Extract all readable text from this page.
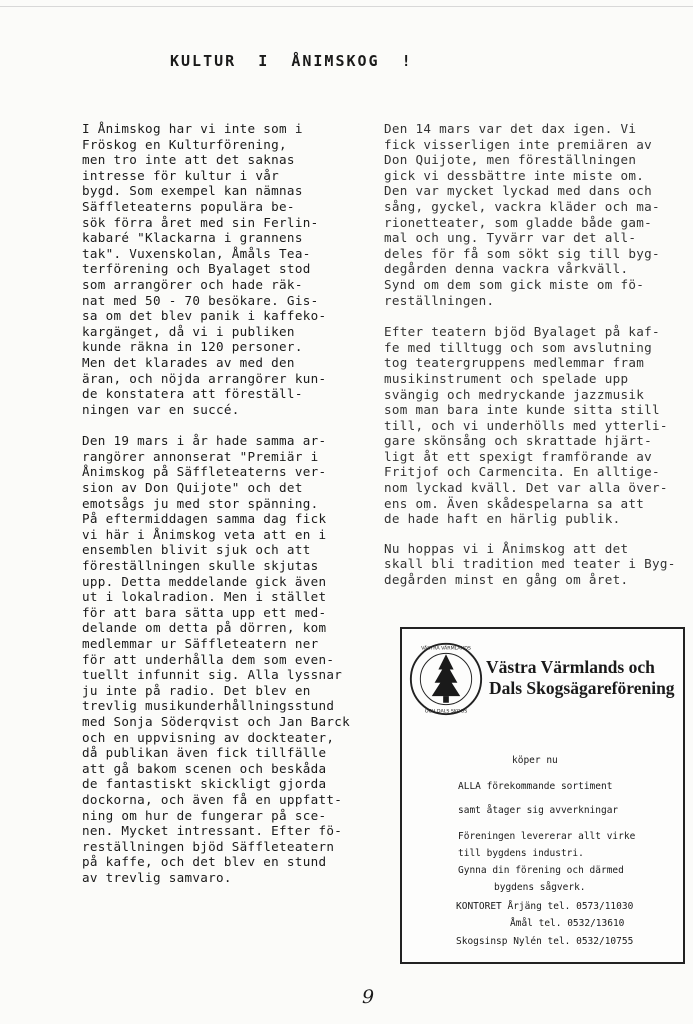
KULTUR  I  ÅNIMSKOG  !

I Ånimskog har vi inte som i
Fröskog en Kulturförening,
men tro inte att det saknas
intresse för kultur i vår
bygd. Som exempel kan nämnas
Säffleteaterns populära be-
sök förra året med sin Ferlin-
kabaré "Klackarna i grannens
tak". Vuxenskolan, Åmåls Tea-
terförening och Byalaget stod
som arrangörer och hade räk-
nat med 50 - 70 besökare. Gis-
sa om det blev panik i kaffeko-
kargänget, då vi i publiken
kunde räkna in 120 personer.
Men det klarades av med den
äran, och nöjda arrangörer kun-
de konstatera att föreställ-
ningen var en succé.

Den 19 mars i år hade samma ar-
rangörer annonserat "Premiär i
Ånimskog på Säffleteaterns ver-
sion av Don Quijote" och det
emotsågs ju med stor spänning.
På eftermiddagen samma dag fick
vi här i Ånimskog veta att en i
ensemblen blivit sjuk och att
föreställningen skulle skjutas
upp. Detta meddelande gick även
ut i lokalradion. Men i stället
för att bara sätta upp ett med-
delande om detta på dörren, kom
medlemmar ur Säffleteatern ner
för att underhålla dem som even-
tuellt infunnit sig. Alla lyssnar
ju inte på radio. Det blev en
trevlig musikunderhållningsstund
med Sonja Söderqvist och Jan Barck
och en uppvisning av dockteater,
då publikan även fick tillfälle
att gå bakom scenen och beskåda
de fantastiskt skickligt gjorda
dockorna, och även få en uppfatt-
ning om hur de fungerar på sce-
nen. Mycket intressant. Efter fö-
reställningen bjöd Säffleteatern
på kaffe, och det blev en stund
av trevlig samvaro.

Den 14 mars var det dax igen. Vi
fick visserligen inte premiären av
Don Quijote, men föreställningen
gick vi dessbättre inte miste om.
Den var mycket lyckad med dans och
sång, gyckel, vackra kläder och ma-
rionetteater, som gladde både gam-
mal och ung. Tyvärr var det all-
deles för få som sökt sig till byg-
degården denna vackra vårkväll.
Synd om dem som gick miste om fö-
reställningen.

Efter teatern bjöd Byalaget på kaf-
fe med tilltugg och som avslutning
tog teatergruppens medlemmar fram
musikinstrument och spelade upp
svängig och medryckande jazzmusik
som man bara inte kunde sitta still
till, och vi underhölls med ytterli-
gare skönsång och skrattade hjärt-
ligt åt ett spexigt framförande av
Fritjof och Carmencita. En alltige-
nom lyckad kväll. Det var alla över-
ens om. Även skådespelarna sa att
de hade haft en härlig publik.

Nu hoppas vi i Ånimskog att det
skall bli tradition med teater i Byg-
degården minst en gång om året.

VÄSTRA VÄRMLANDS
OCH DALS SKOGS
Västra Värmlands och
Dals Skogsägareförening
köper nu
ALLA förekommande sortiment
samt åtager sig avverkningar
Föreningen levererar allt virke
till bygdens industri.
Gynna din förening och därmed
bygdens sågverk.
KONTORET Årjäng tel. 0573/11030
Åmål tel. 0532/13610
Skogsinsp Nylén tel. 0532/10755
9
